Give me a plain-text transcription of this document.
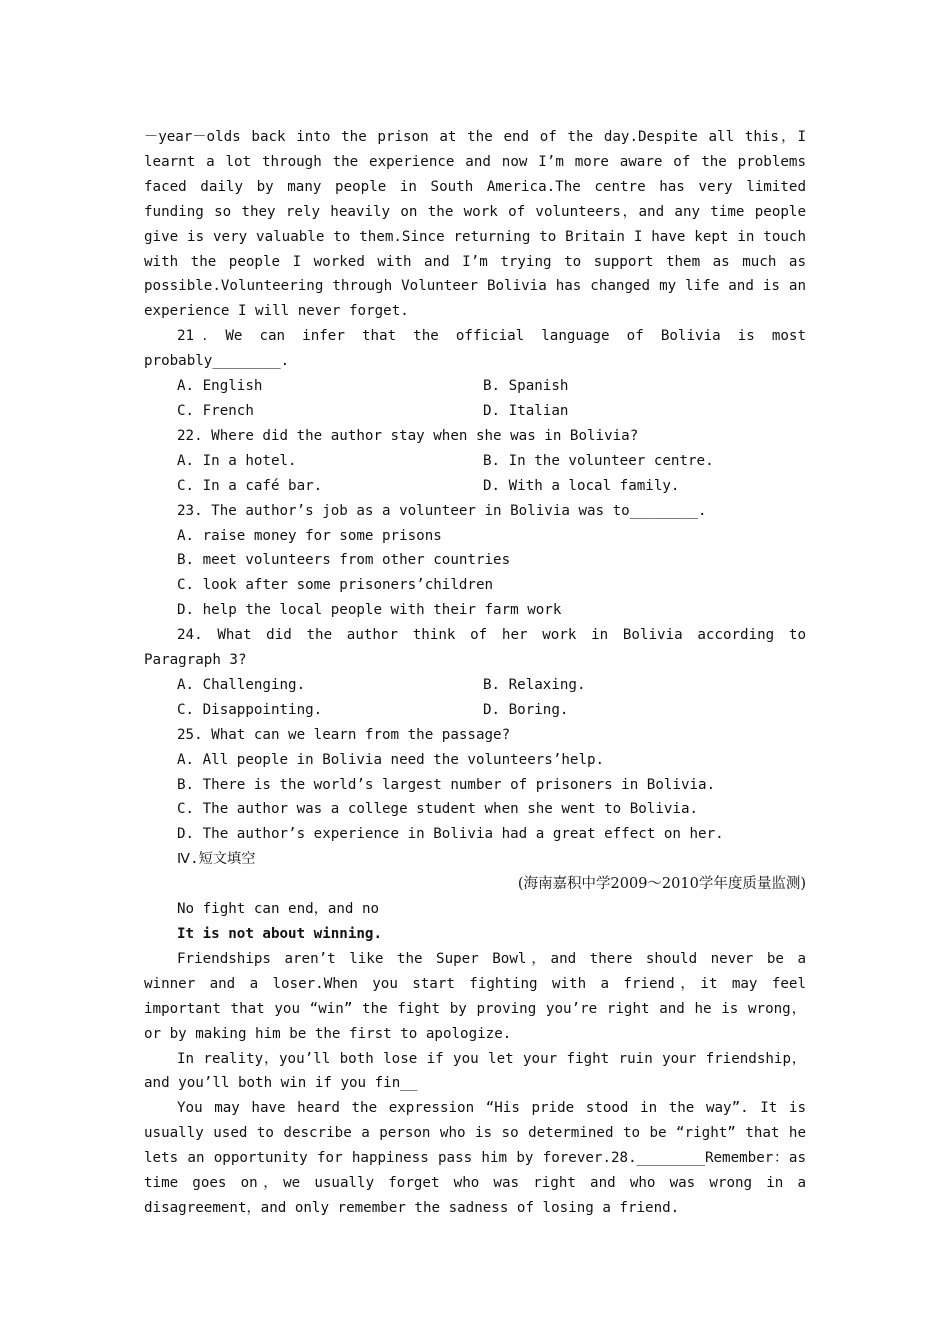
－year－olds back into the prison at the end of the day.Despite all this，I learnt a lot through the experience and now I’m more aware of the problems faced daily by many people in South America.The centre has very limited funding so they rely heavily on the work of volunteers，and any time people give is very valuable to them.Since returning to Britain I have kept in touch with the people I worked with and I’m trying to support them as much as possible.Volunteering through Volunteer Bolivia has changed my life and is an experience I will never forget.

21．We can infer that the official language of Bolivia is most probably________.

A. English	B. Spanish
C. French	D. Italian

22. Where did the author stay when she was in Bolivia?

A. In a hotel.	B. In the volunteer centre.
C. In a café bar.	D. With a local family.

23. The author’s job as a volunteer in Bolivia was to________.

A. raise money for some prisons

B. meet volunteers from other countries

C. look after some prisoners’children

D. help the local people with their farm work

24. What did the author think of her work in Bolivia according to Paragraph 3?

A. Challenging.	B. Relaxing.
C. Disappointing.	D. Boring.

25. What can we learn from the passage?

A. All people in Bolivia need the volunteers’help.

B. There is the world’s largest number of prisoners in Bolivia.

C. The author was a college student when she went to Bolivia.

D. The author’s experience in Bolivia had a great effect on her.

Ⅳ.短文填空

(海南嘉积中学2009～2010学年度质量监测)

No fight can end，and no

It is not about winning.

Friendships aren’t like the Super Bowl，and there should never be a winner and a loser.When you start fighting with a friend，it may feel important that you “win” the fight by proving you’re right and he is wrong，or by making him be the first to apologize.

In reality，you’ll both lose if you let your fight ruin your friendship，and you’ll both win if you fin__

You may have heard the expression “His pride stood in the way”. It is usually used to describe a person who is so determined to be “right” that he lets an opportunity for happiness pass him by forever.28.________Remember：as time goes on，we usually forget who was right and who was wrong in a disagreement，and only remember the sadness of losing a friend.
